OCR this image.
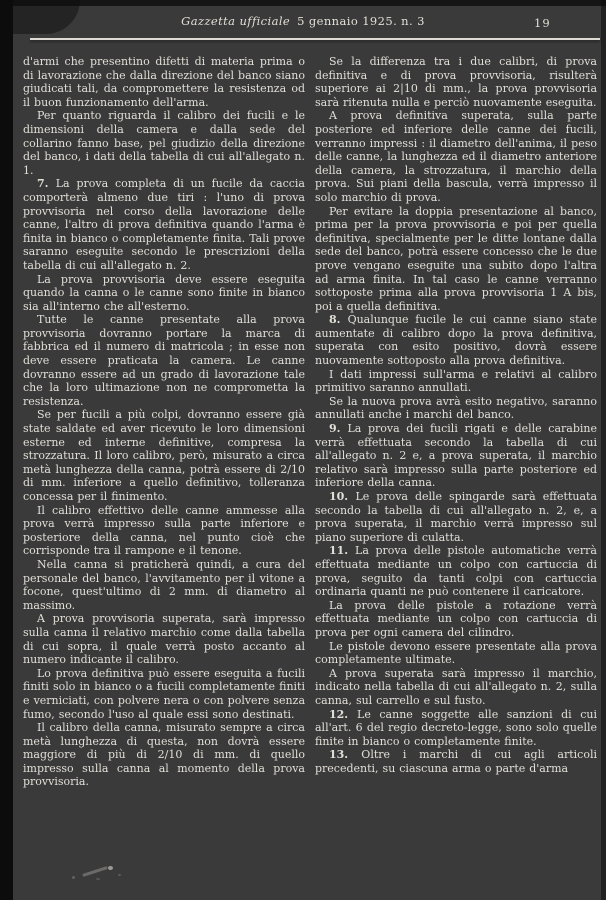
Gazzetta ufficiale 5 gennaio 1925. n. 3	19

d'armi che presentino difetti di materia prima o di lavorazione che dalla direzione del banco siano giudicati tali, da compromettere la resistenza od il buon funzionamento dell'arma.

Per quanto riguarda il calibro dei fucili e le dimensioni della camera e dalla sede del collarino fanno base, pel giudizio della direzione del banco, i dati della tabella di cui all'allegato n. 1.

7. La prova completa di un fucile da caccia comporterà almeno due tiri : l'uno di prova provvisoria nel corso della lavorazione delle canne, l'altro di prova definitiva quando l'arma è finita in bianco o completamente finita. Tali prove saranno eseguite secondo le prescrizioni della tabella di cui all'allegato n. 2.

La prova provvisoria deve essere eseguita quando la canna o le canne sono finite in bianco sia all'interno che all'esterno.

Tutte le canne presentate alla prova provvisoria dovranno portare la marca di fabbrica ed il numero di matricola ; in esse non deve essere praticata la camera. Le canne dovranno essere ad un grado di lavorazione tale che la loro ultimazione non ne comprometta la resistenza.

Se per fucili a più colpi, dovranno essere già state saldate ed aver ricevuto le loro dimensioni esterne ed interne definitive, compresa la strozzatura. Il loro calibro, però, misurato a circa metà lunghezza della canna, potrà essere di 2/10 di mm. inferiore a quello definitivo, tolleranza concessa per il finimento.

Il calibro effettivo delle canne ammesse alla prova verrà impresso sulla parte inferiore e posteriore della canna, nel punto cioè che corrisponde tra il rampone e il tenone.

Nella canna si praticherà quindi, a cura del personale del banco, l'avvitamento per il vitone a focone, quest'ultimo di 2 mm. di diametro al massimo.

A prova provvisoria superata, sarà impresso sulla canna il relativo marchio come dalla tabella di cui sopra, il quale verrà posto accanto al numero indicante il calibro.

Lo prova definitiva può essere eseguita a fucili finiti solo in bianco o a fucili completamente finiti e verniciati, con polvere nera o con polvere senza fumo, secondo l'uso al quale essi sono destinati.

Il calibro della canna, misurato sempre a circa metà lunghezza di questa, non dovrà essere maggiore di più di 2/10 di mm. di quello impresso sulla canna al momento della prova provvisoria.

Se la differenza tra i due calibri, di prova definitiva e di prova provvisoria, risulterà superiore ai 2|10 di mm., la prova provvisoria sarà ritenuta nulla e perciò nuovamente eseguita.

A prova definitiva superata, sulla parte posteriore ed inferiore delle canne dei fucili, verranno impressi : il diametro dell'anima, il peso delle canne, la lunghezza ed il diametro anteriore della camera, la strozzatura, il marchio della prova. Sui piani della bascula, verrà impresso il solo marchio di prova.

Per evitare la doppia presentazione al banco, prima per la prova provvisoria e poi per quella definitiva, specialmente per le ditte lontane dalla sede del banco, potrà essere concesso che le due prove vengano eseguite una subito dopo l'altra ad arma finita. In tal caso le canne verranno sottoposte prima alla prova provvisoria 1 A bis, poi a quella definitiva.

8. Qualunque fucile le cui canne siano state aumentate di calibro dopo la prova definitiva, superata con esito positivo, dovrà essere nuovamente sottoposto alla prova definitiva.

I dati impressi sull'arma e relativi al calibro primitivo saranno annullati.

Se la nuova prova avrà esito negativo, saranno annullati anche i marchi del banco.

9. La prova dei fucili rigati e delle carabine verrà effettuata secondo la tabella di cui all'allegato n. 2 e, a prova superata, il marchio relativo sarà impresso sulla parte posteriore ed inferiore della canna.

10. Le prova delle spingarde sarà effettuata secondo la tabella di cui all'allegato n. 2, e, a prova superata, il marchio verrà impresso sul piano superiore di culatta.

11. La prova delle pistole automatiche verrà effettuata mediante un colpo con cartuccia di prova, seguito da tanti colpi con cartuccia ordinaria quanti ne può contenere il caricatore.

La prova delle pistole a rotazione verrà effettuata mediante un colpo con cartuccia di prova per ogni camera del cilindro.

Le pistole devono essere presentate alla prova completamente ultimate.

A prova superata sarà impresso il marchio, indicato nella tabella di cui all'allegato n. 2, sulla canna, sul carrello e sul fusto.

12. Le canne soggette alle sanzioni di cui all'art. 6 del regio decreto-legge, sono solo quelle finite in bianco o completamente finite.

13. Oltre i marchi di cui agli articoli precedenti, su ciascuna arma o parte d'arma
